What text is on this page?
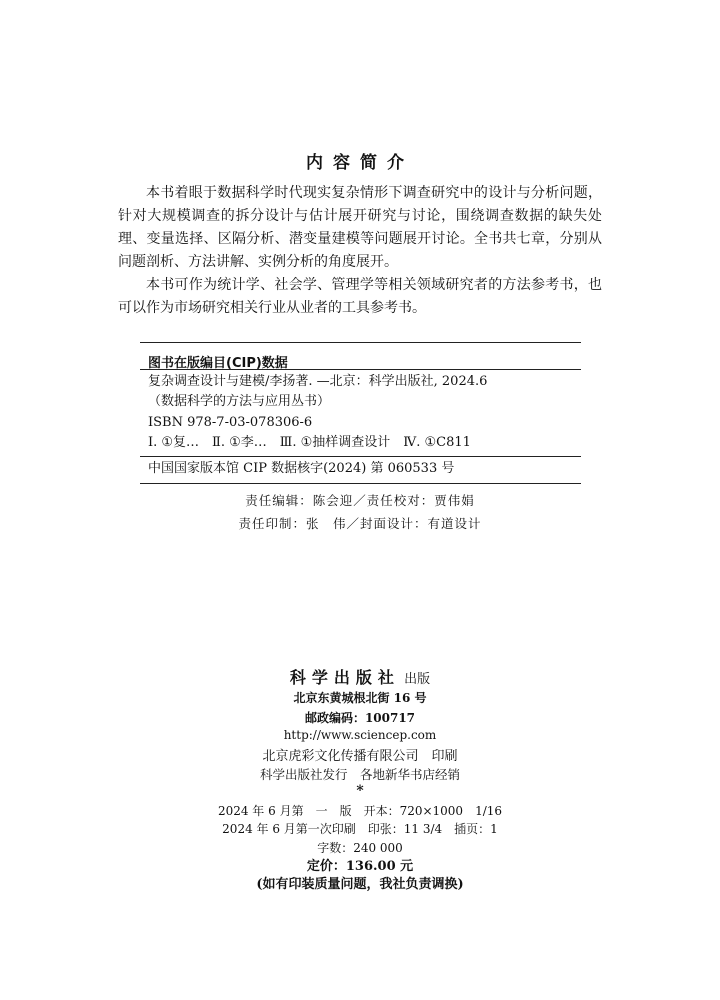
内容简介

本书着眼于数据科学时代现实复杂情形下调查研究中的设计与分析问题，针对大规模调查的拆分设计与估计展开研究与讨论，围绕调查数据的缺失处理、变量选择、区隔分析、潜变量建模等问题展开讨论。全书共七章，分别从问题剖析、方法讲解、实例分析的角度展开。

本书可作为统计学、社会学、管理学等相关领域研究者的方法参考书，也可以作为市场研究相关行业从业者的工具参考书。

图书在版编目(CIP)数据
复杂调查设计与建模/李扬著. —北京：科学出版社, 2024.6
（数据科学的方法与应用丛书）
ISBN 978-7-03-078306-6
Ⅰ. ①复…　Ⅱ. ①李…　Ⅲ. ①抽样调查设计　Ⅳ. ①C811
中国国家版本馆 CIP 数据核字(2024) 第 060533 号
责任编辑：陈会迎／责任校对：贾伟娟
责任印制：张　伟／封面设计：有道设计
科学出版社 出版
北京东黄城根北街 16 号
邮政编码：100717
http://www.sciencep.com
北京虎彩文化传播有限公司　印刷
科学出版社发行　各地新华书店经销
*
2024 年 6 月第　一　版　开本：720×1000　1/16
2024 年 6 月第一次印刷　印张：11 3/4　插页：1
字数：240 000
定价：136.00 元
(如有印装质量问题，我社负责调换)
